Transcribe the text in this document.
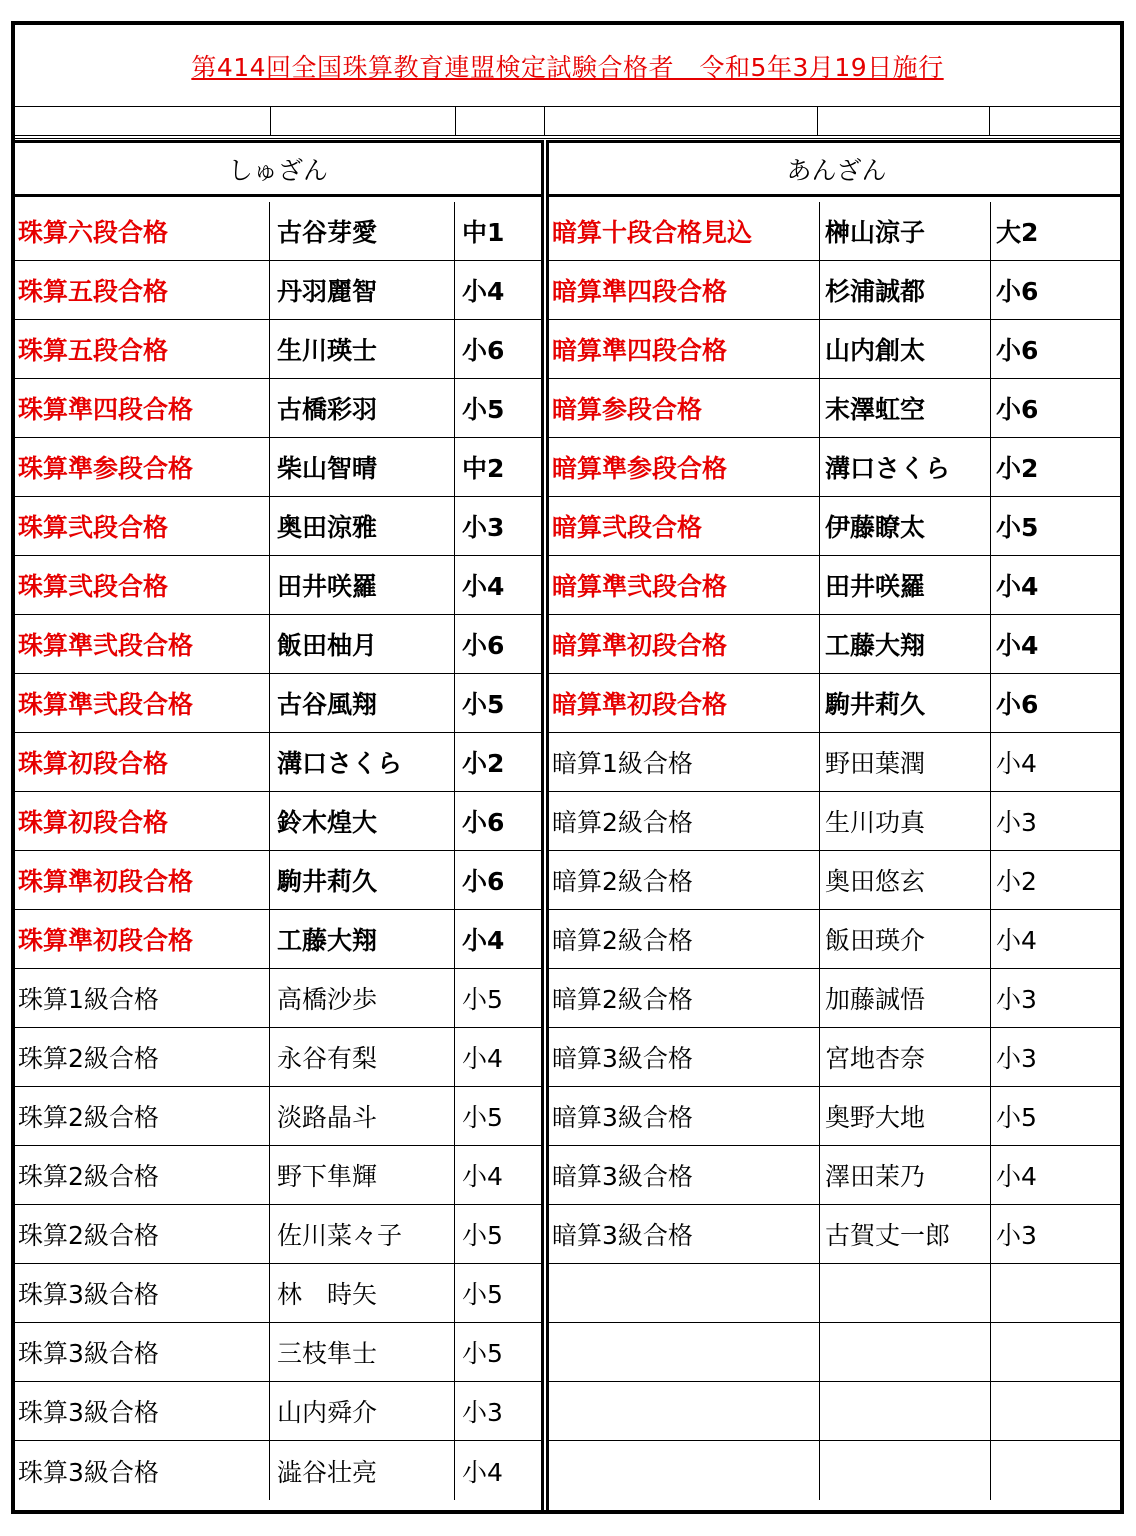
第414回全国珠算教育連盟検定試験合格者　令和5年3月19日施行
しゅざん
珠算六段合格	古谷芽愛	中1
珠算五段合格	丹羽麗智	小4
珠算五段合格	生川瑛士	小6
珠算準四段合格	古橋彩羽	小5
珠算準参段合格	柴山智晴	中2
珠算弐段合格	奥田涼雅	小3
珠算弐段合格	田井咲羅	小4
珠算準弐段合格	飯田柚月	小6
珠算準弐段合格	古谷風翔	小5
珠算初段合格	溝口さくら	小2
珠算初段合格	鈴木煌大	小6
珠算準初段合格	駒井莉久	小6
珠算準初段合格	工藤大翔	小4
珠算1級合格	高橋沙歩	小5
珠算2級合格	永谷有梨	小4
珠算2級合格	淡路晶斗	小5
珠算2級合格	野下隼輝	小4
珠算2級合格	佐川菜々子	小5
珠算3級合格	林　時矢	小5
珠算3級合格	三枝隼士	小5
珠算3級合格	山内舜介	小3
珠算3級合格	澁谷壮亮	小4
あんざん
暗算十段合格見込	榊山涼子	大2
暗算準四段合格	杉浦誠都	小6
暗算準四段合格	山内創太	小6
暗算参段合格	末澤虹空	小6
暗算準参段合格	溝口さくら	小2
暗算弐段合格	伊藤瞭太	小5
暗算準弐段合格	田井咲羅	小4
暗算準初段合格	工藤大翔	小4
暗算準初段合格	駒井莉久	小6
暗算1級合格	野田葉潤	小4
暗算2級合格	生川功真	小3
暗算2級合格	奥田悠玄	小2
暗算2級合格	飯田瑛介	小4
暗算2級合格	加藤誠悟	小3
暗算3級合格	宮地杏奈	小3
暗算3級合格	奥野大地	小5
暗算3級合格	澤田茉乃	小4
暗算3級合格	古賀丈一郎	小3
